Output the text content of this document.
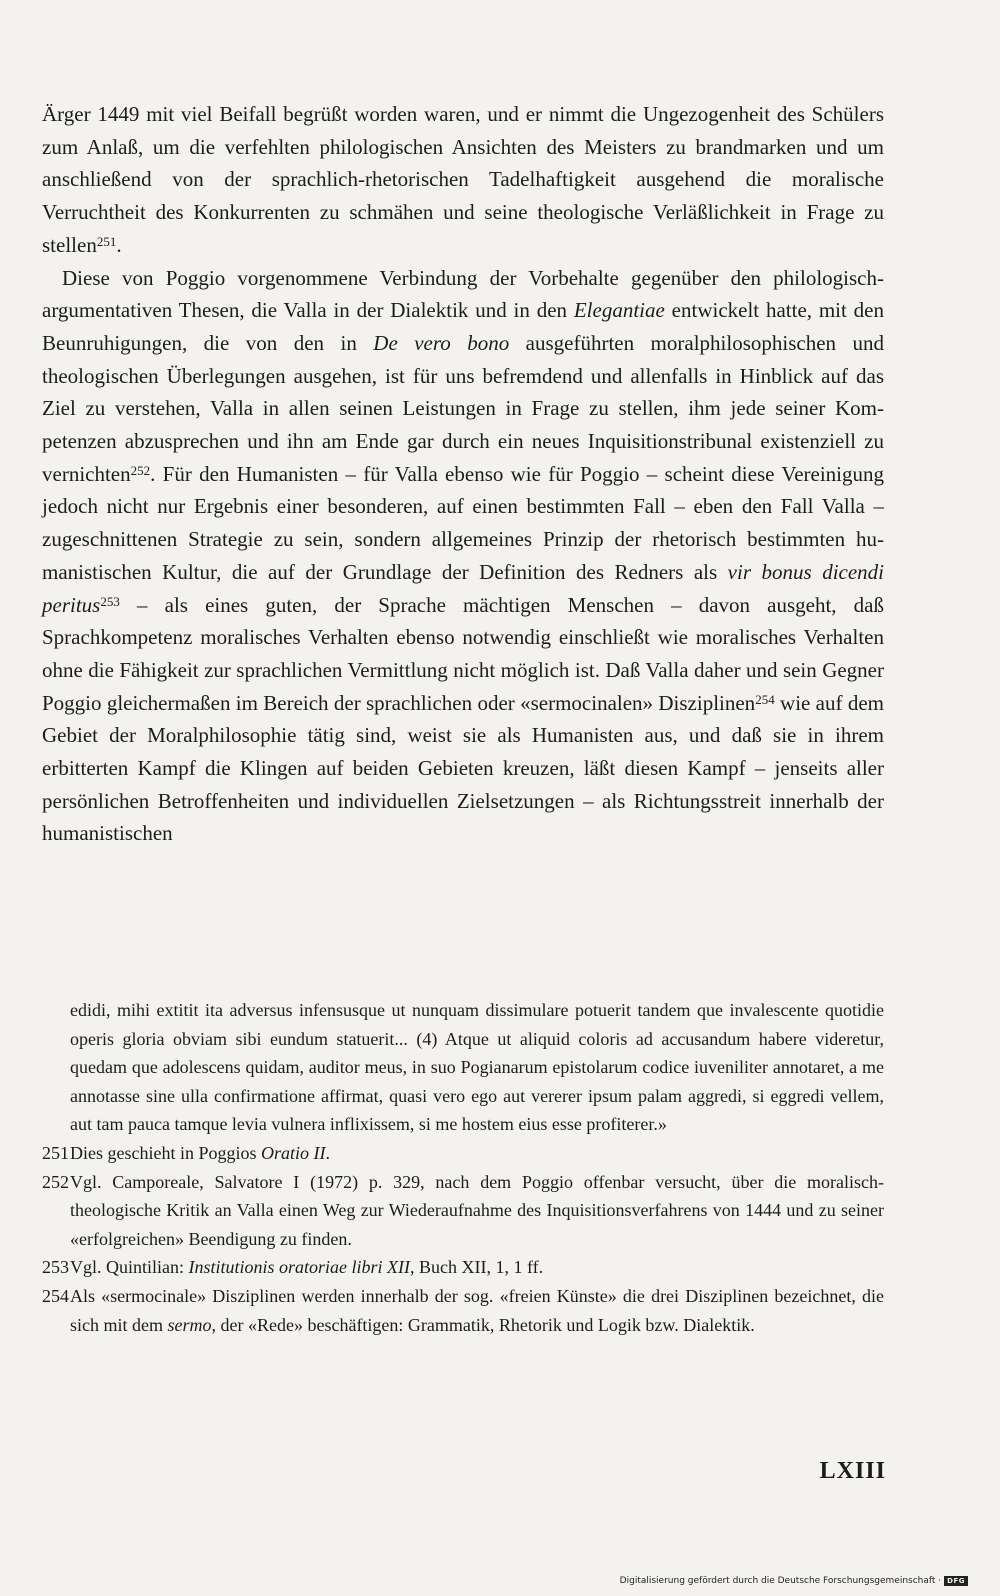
Ärger 1449 mit viel Beifall begrüßt worden waren, und er nimmt die Ungezogenheit des Schülers zum Anlaß, um die verfehlten philologischen Ansichten des Meisters zu brandmarken und um anschließend von der sprachlich-rhetorischen Tadelhaftigkeit ausgehend die moralische Verruchtheit des Konkurrenten zu schmähen und seine theologische Verläßlichkeit in Frage zu stellen$^{251}$.

Diese von Poggio vorgenommene Verbindung der Vorbehalte gegenüber den philologisch-argumentativen Thesen, die Valla in der Dialektik und in den Elegantiae entwickelt hatte, mit den Beunruhigungen, die von den in De vero bono ausgeführten moralphilosophischen und theologischen Überlegungen ausgehen, ist für uns befremdend und allenfalls in Hinblick auf das Ziel zu verstehen, Valla in allen seinen Leistungen in Frage zu stellen, ihm jede seiner Kompetenzen abzusprechen und ihn am Ende gar durch ein neues Inquisitionstribunal existenziell zu vernichten$^{252}$. Für den Humanisten – für Valla ebenso wie für Poggio – scheint diese Vereinigung jedoch nicht nur Ergebnis einer besonderen, auf einen bestimmten Fall – eben den Fall Valla – zugeschnittenen Strategie zu sein, sondern allgemeines Prinzip der rhetorisch bestimmten humanistischen Kultur, die auf der Grundlage der Definition des Redners als vir bonus dicendi peritus$^{253}$ – als eines guten, der Sprache mächtigen Menschen – davon ausgeht, daß Sprachkompetenz moralisches Verhalten ebenso notwendig einschließt wie moralisches Verhalten ohne die Fähigkeit zur sprachlichen Vermittlung nicht möglich ist. Daß Valla daher und sein Gegner Poggio gleichermaßen im Bereich der sprachlichen oder «sermocinalen» Disziplinen$^{254}$ wie auf dem Gebiet der Moralphilosophie tätig sind, weist sie als Humanisten aus, und daß sie in ihrem erbitterten Kampf die Klingen auf beiden Gebieten kreuzen, läßt diesen Kampf – jenseits aller persönlichen Betroffenheiten und individuellen Zielsetzungen – als Richtungsstreit innerhalb der humanistischen

edidi, mihi extitit ita adversus infensusque ut nunquam dissimulare potuerit tandem que invalescente quotidie operis gloria obviam sibi eundum statuerit... (4) Atque ut aliquid coloris ad accusandum habere videretur, quedam que adolescens quidam, auditor meus, in suo Pogianarum epistolarum codice iuveniliter annotaret, a me annotasse sine ulla confirmatione affirmat, quasi vero ego aut vererer ipsum palam aggredi, si eggredi vellem, aut tam pauca tamque levia vulnera inflixissem, si me hostem eius esse profiterer.»

251Dies geschieht in Poggios Oratio II.

252Vgl. Camporeale, Salvatore I (1972) p. 329, nach dem Poggio offenbar versucht, über die moralisch-theologische Kritik an Valla einen Weg zur Wiederaufnahme des Inquisitionsverfahrens von 1444 und zu seiner «erfolgreichen» Beendigung zu finden.

253Vgl. Quintilian: Institutionis oratoriae libri XII, Buch XII, 1, 1 ff.

254Als «sermocinale» Disziplinen werden innerhalb der sog. «freien Künste» die drei Disziplinen bezeichnet, die sich mit dem sermo, der «Rede» beschäftigen: Grammatik, Rhetorik und Logik bzw. Dialektik.

LXIII
Digitalisierung gefördert durch die Deutsche Forschungsgemeinschaft · DFG
